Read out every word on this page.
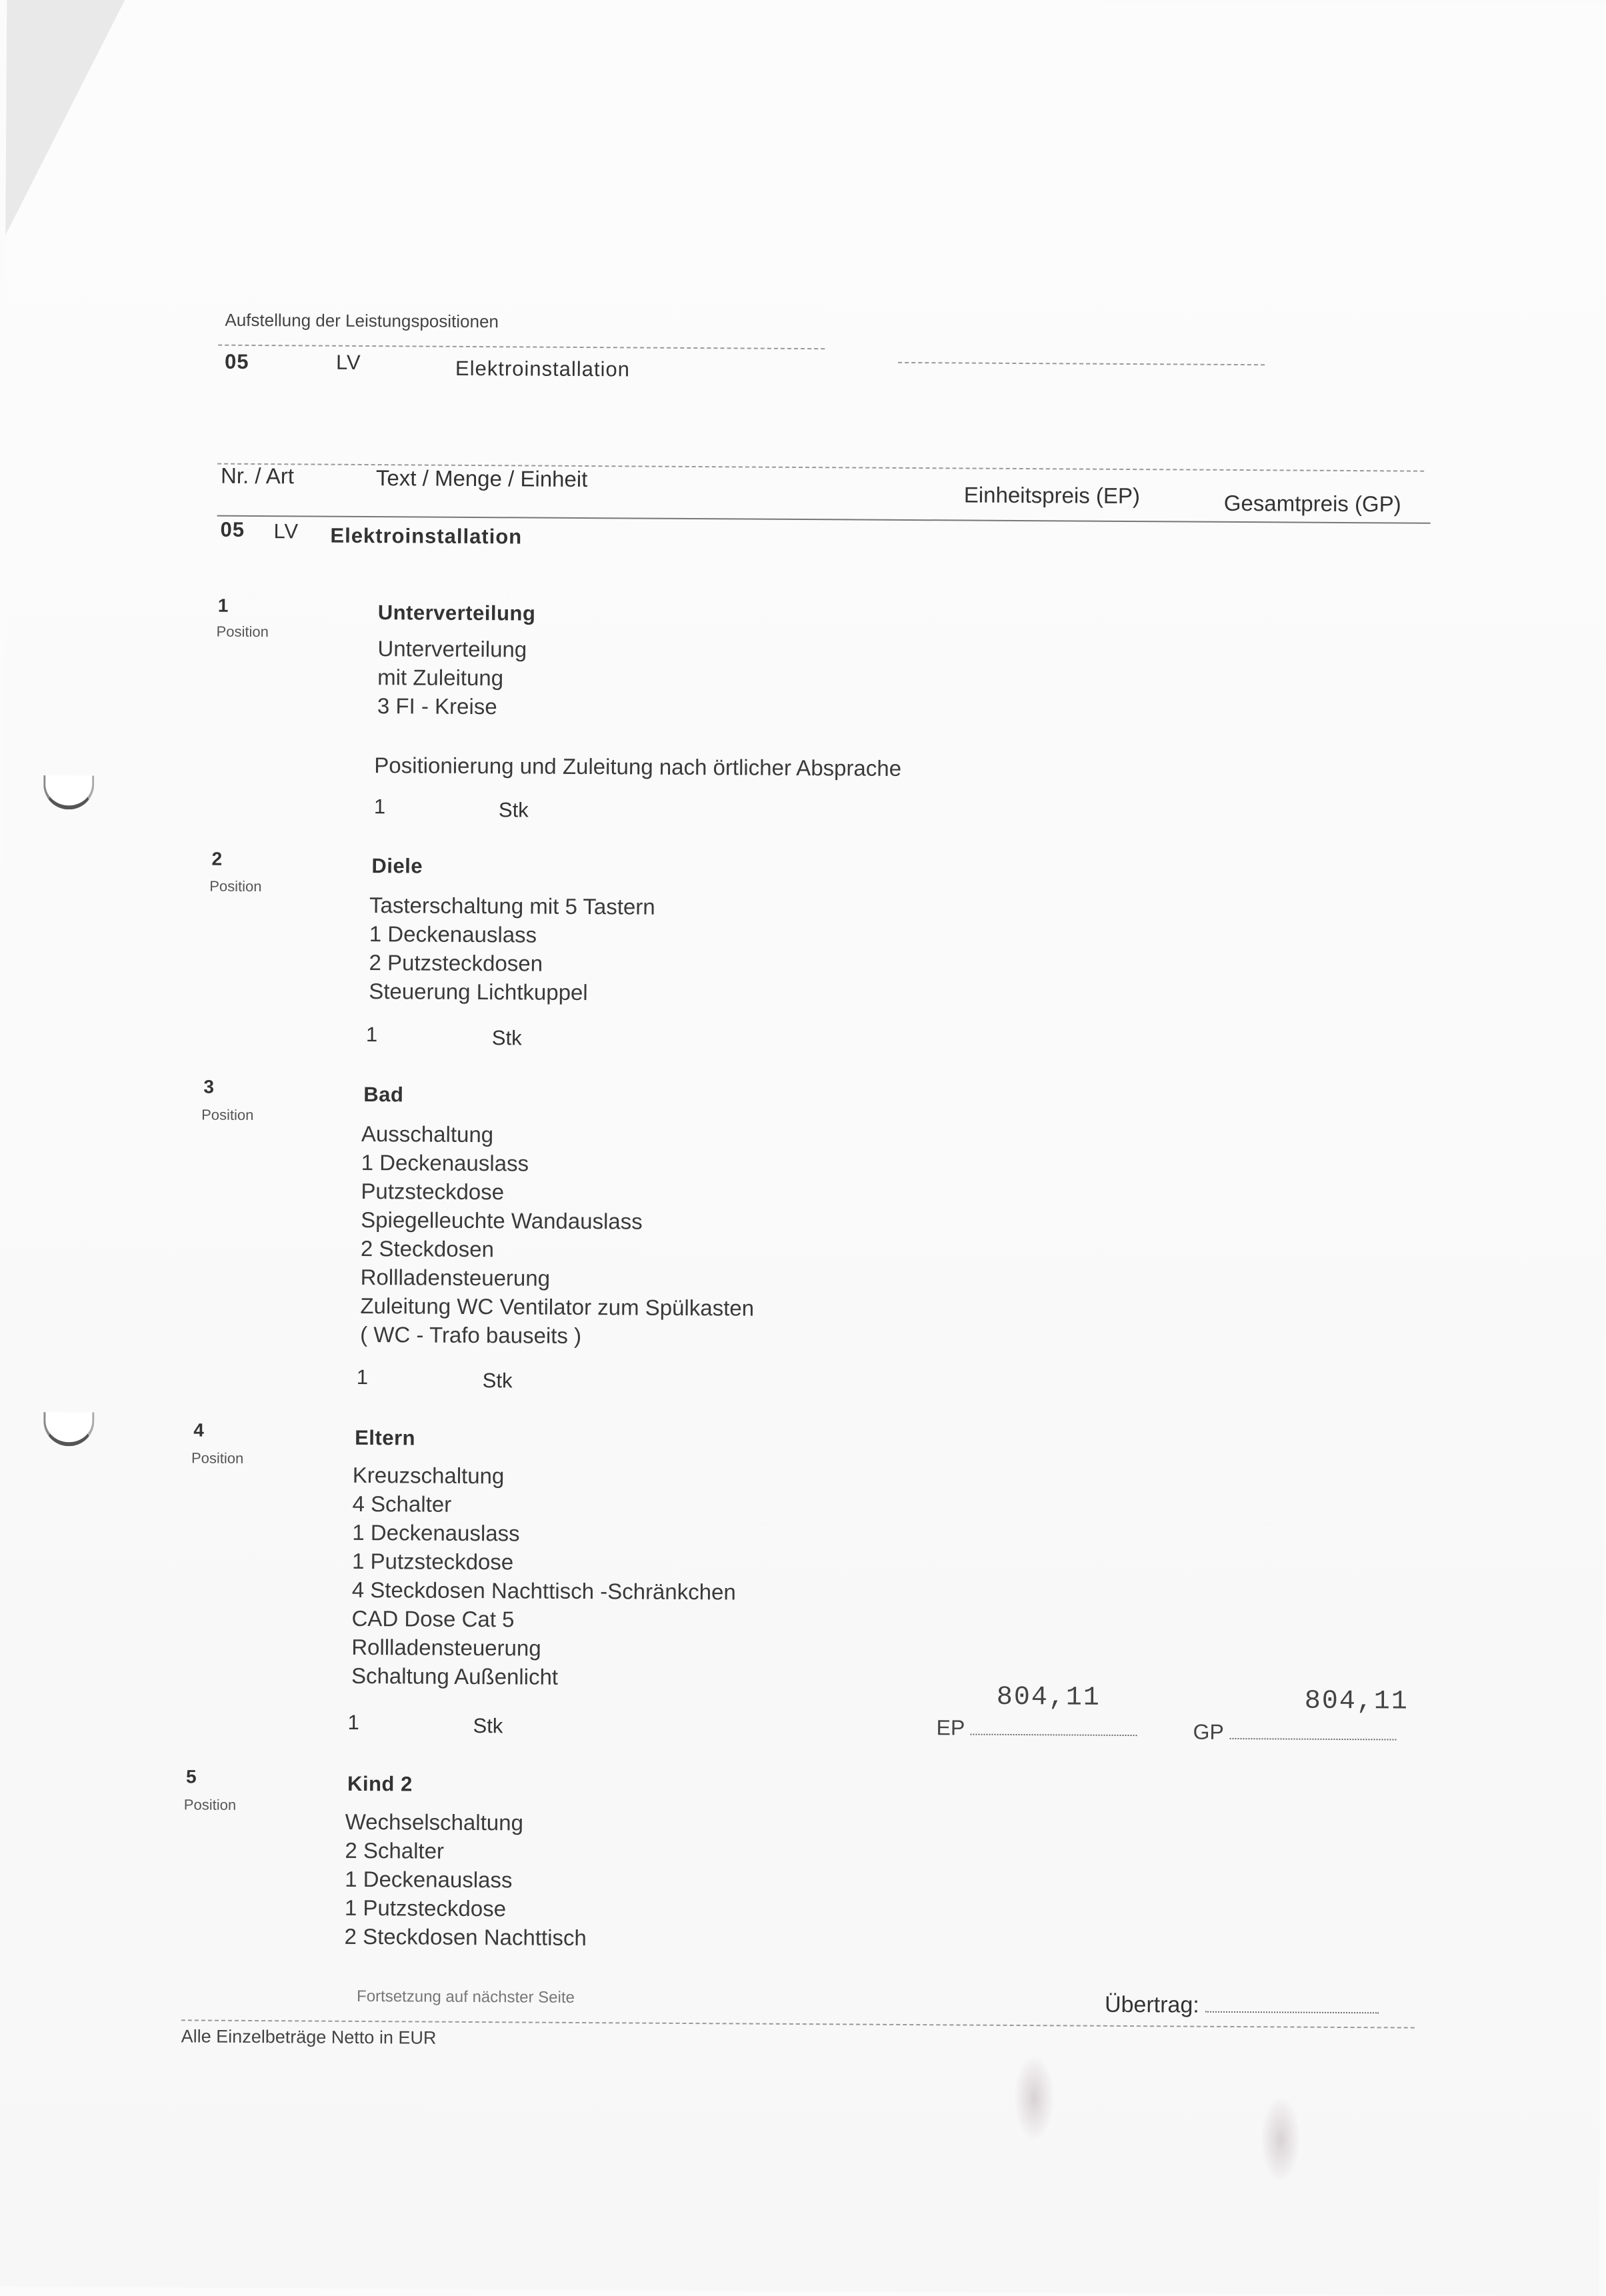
Aufstellung der Leistungspositionen
05	LV	Elektroinstallation
Nr. / Art	Text / Menge / Einheit
Einheitspreis (EP)	Gesamtpreis (GP)
05 LV Elektroinstallation
1
Position
Unterverteilung
Unterverteilung
mit Zuleitung
3 FI - Kreise
Positionierung und Zuleitung nach örtlicher Absprache
1	Stk
2
Position
Diele
Tasterschaltung mit 5 Tastern
1 Deckenauslass
2 Putzsteckdosen
Steuerung Lichtkuppel
1	Stk
3
Position
Bad
Ausschaltung
1 Deckenauslass
Putzsteckdose
Spiegelleuchte Wandauslass
2 Steckdosen
Rollladensteuerung
Zuleitung WC Ventilator zum Spülkasten
( WC - Trafo bauseits )
1	Stk
4
Position
Eltern
Kreuzschaltung
4 Schalter
1 Deckenauslass
1 Putzsteckdose
4 Steckdosen Nachttisch -Schränkchen
CAD Dose Cat 5
Rollladensteuerung
Schaltung Außenlicht
804,11	804,11
1	Stk	EP	GP
5
Position
Kind 2
Wechselschaltung
2 Schalter
1 Deckenauslass
1 Putzsteckdose
2 Steckdosen Nachttisch
Fortsetzung auf nächster Seite	Übertrag:
Alle Einzelbeträge Netto in EUR
